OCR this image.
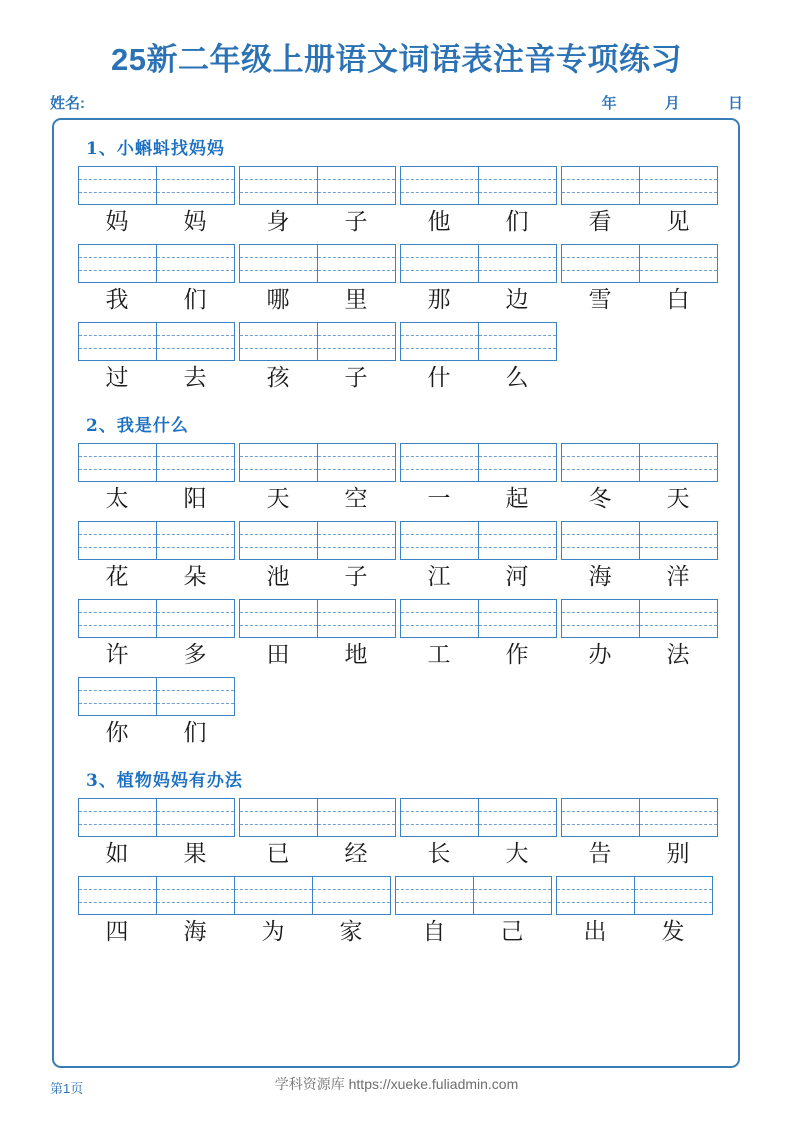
25新二年级上册语文词语表注音专项练习
姓名:	年	月	日
1、小蝌蚪找妈妈
妈	妈	身	子	他	们	看	见
我	们	哪	里	那	边	雪	白
过	去	孩	子	什	么
2、我是什么
太	阳	天	空	一	起	冬	天
花	朵	池	子	江	河	海	洋
许	多	田	地	工	作	办	法
你	们
3、植物妈妈有办法
如	果	已	经	长	大	告	别
四	海	为	家	自	己	出	发
第1页	学科资源库 https://xueke.fuliadmin.com
